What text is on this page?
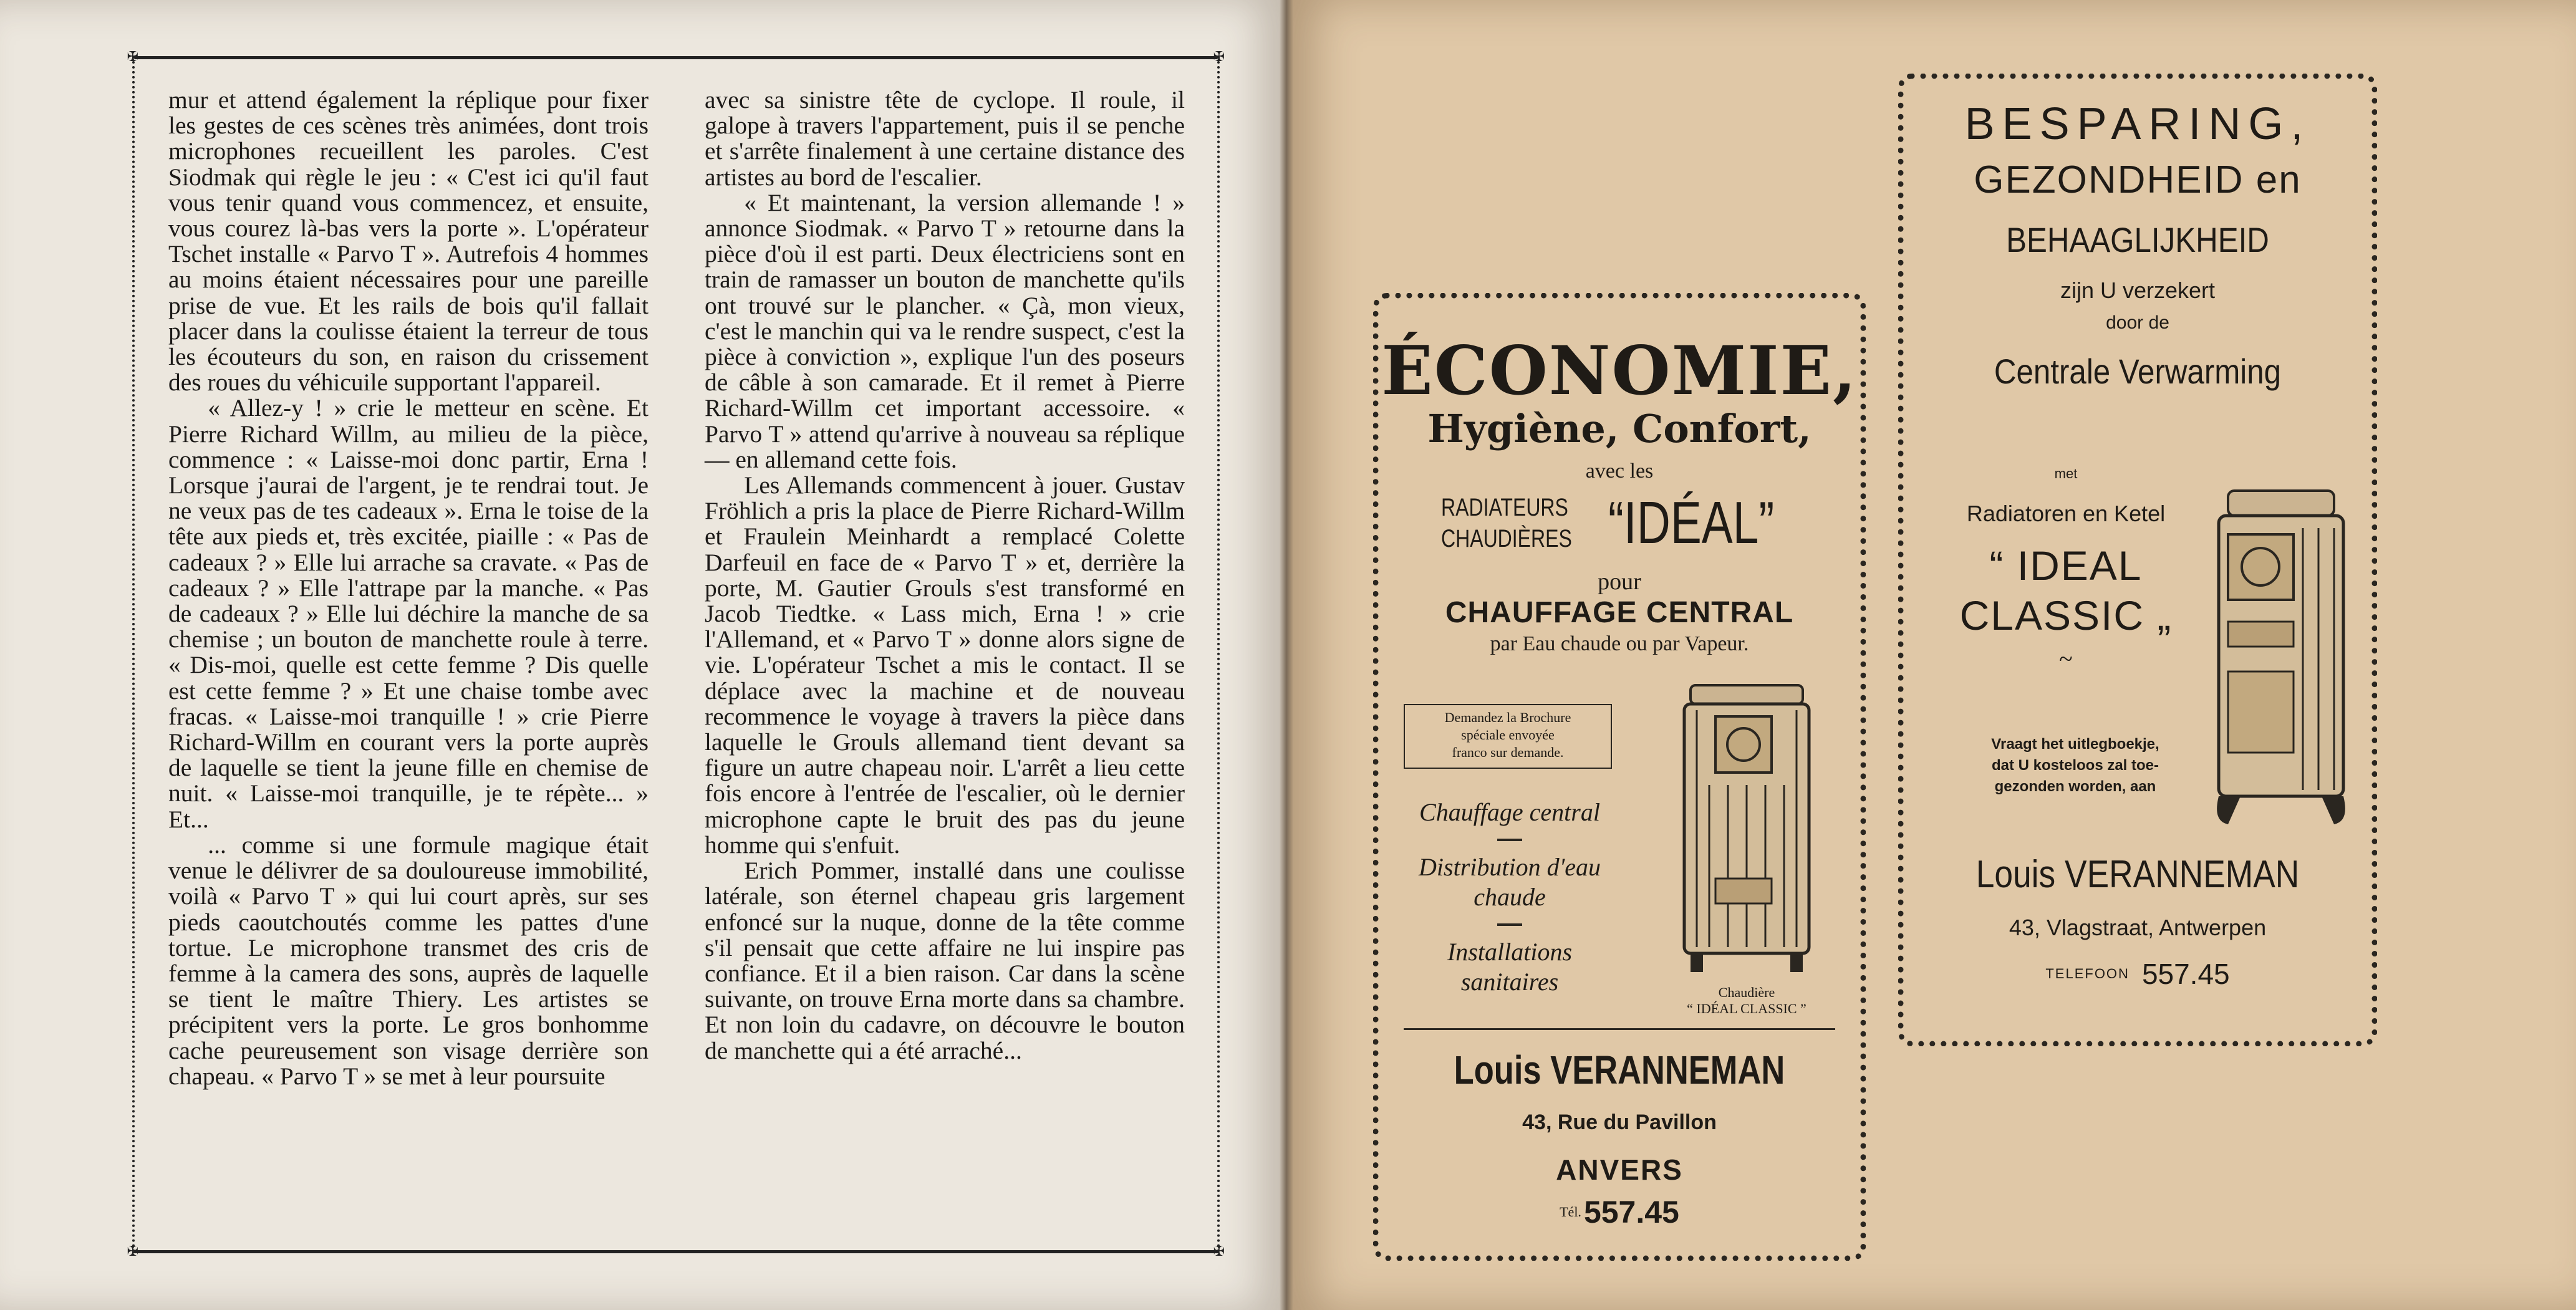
✠	✠
✠	✠

mur et attend également la réplique pour fixer les gestes de ces scènes très animées, dont trois microphones recueillent les paroles. C'est Siodmak qui règle le jeu : « C'est ici qu'il faut vous tenir quand vous commencez, et ensuite, vous courez là-bas vers la porte ». L'opérateur Tschet installe « Parvo T ». Autrefois 4 hommes au moins étaient nécessaires pour une pareille prise de vue. Et les rails de bois qu'il fallait placer dans la coulisse étaient la terreur de tous les écouteurs du son, en raison du crissement des roues du véhicuile supportant l'appareil.

« Allez-y ! » crie le metteur en scène. Et Pierre Richard Willm, au milieu de la pièce, commence : « Laisse-moi donc partir, Erna ! Lorsque j'aurai de l'argent, je te rendrai tout. Je ne veux pas de tes cadeaux ». Erna le toise de la tête aux pieds et, très excitée, piaille : « Pas de cadeaux ? » Elle lui arrache sa cravate. « Pas de cadeaux ? » Elle l'attrape par la manche. « Pas de cadeaux ? » Elle lui déchire la manche de sa chemise ; un bouton de manchette roule à terre. « Dis-moi, quelle est cette femme ? Dis quelle est cette femme ? » Et une chaise tombe avec fracas. « Laisse-moi tranquille ! » crie Pierre Richard-Willm en courant vers la porte auprès de laquelle se tient la jeune fille en chemise de nuit. « Laisse-moi tranquille, je te répète... » Et...

... comme si une formule magique était venue le délivrer de sa douloureuse immobilité, voilà « Parvo T » qui lui court après, sur ses pieds caoutchoutés comme les pattes d'une tortue. Le microphone transmet des cris de femme à la camera des sons, auprès de laquelle se tient le maître Thiery. Les artistes se précipitent vers la porte. Le gros bonhomme cache peureusement son visage derrière son chapeau. « Parvo T » se met à leur poursuite

avec sa sinistre tête de cyclope. Il roule, il galope à travers l'appartement, puis il se penche et s'arrête finalement à une certaine distance des artistes au bord de l'escalier.

« Et maintenant, la version allemande ! » annonce Siodmak. « Parvo T » retourne dans la pièce d'où il est parti. Deux électriciens sont en train de ramasser un bouton de manchette qu'ils ont trouvé sur le plancher. « Çà, mon vieux, c'est le manchin qui va le rendre suspect, c'est la pièce à conviction », explique l'un des poseurs de câble à son camarade. Et il remet à Pierre Richard-Willm cet important accessoire. « Parvo T » attend qu'arrive à nouveau sa réplique — en allemand cette fois.

Les Allemands commencent à jouer. Gustav Fröhlich a pris la place de Pierre Richard-Willm et Fraulein Meinhardt a remplacé Colette Darfeuil en face de « Parvo T » et, derrière la porte, M. Gautier Grouls s'est transformé en Jacob Tiedtke. « Lass mich, Erna ! » crie l'Allemand, et « Parvo T » donne alors signe de vie. L'opérateur Tschet a mis le contact. Il se déplace avec la machine et de nouveau recommence le voyage à travers la pièce dans laquelle le Grouls allemand tient devant sa figure un autre chapeau noir. L'arrêt a lieu cette fois encore à l'entrée de l'escalier, où le dernier microphone capte le bruit des pas du jeune homme qui s'enfuit.

Erich Pommer, installé dans une coulisse latérale, son éternel chapeau gris largement enfoncé sur la nuque, donne de la tête comme s'il pensait que cette affaire ne lui inspire pas confiance. Et il a bien raison. Car dans la scène suivante, on trouve Erna morte dans sa chambre. Et non loin du cadavre, on découvre le bouton de manchette qui a été arraché...

ÉCONOMIE,
Hygiène, Confort,
avec les
RADIATEURS
CHAUDIÈRES “IDÉAL”
pour
CHAUFFAGE CENTRAL
par Eau chaude ou par Vapeur.
Demandez la Brochure
spéciale envoyée
franco sur demande.
Chauffage central
Distribution d'eau chaude
Installations sanitaires	Chaudière
“ IDÉAL CLASSIC ”
Louis VERANNEMAN
43, Rue du Pavillon
ANVERS
Tél. 557.45
BESPARING,
GEZONDHEID en
BEHAAGLIJKHEID
zijn U verzekert
door de
Centrale Verwarming
met
Radiatoren en Ketel
“ IDEAL
CLASSIC „
~
Vraagt het uitlegboekje,
dat U kosteloos zal toe-
gezonden worden, aan
Louis VERANNEMAN
43, Vlagstraat, Antwerpen
TELEFOON 557.45
